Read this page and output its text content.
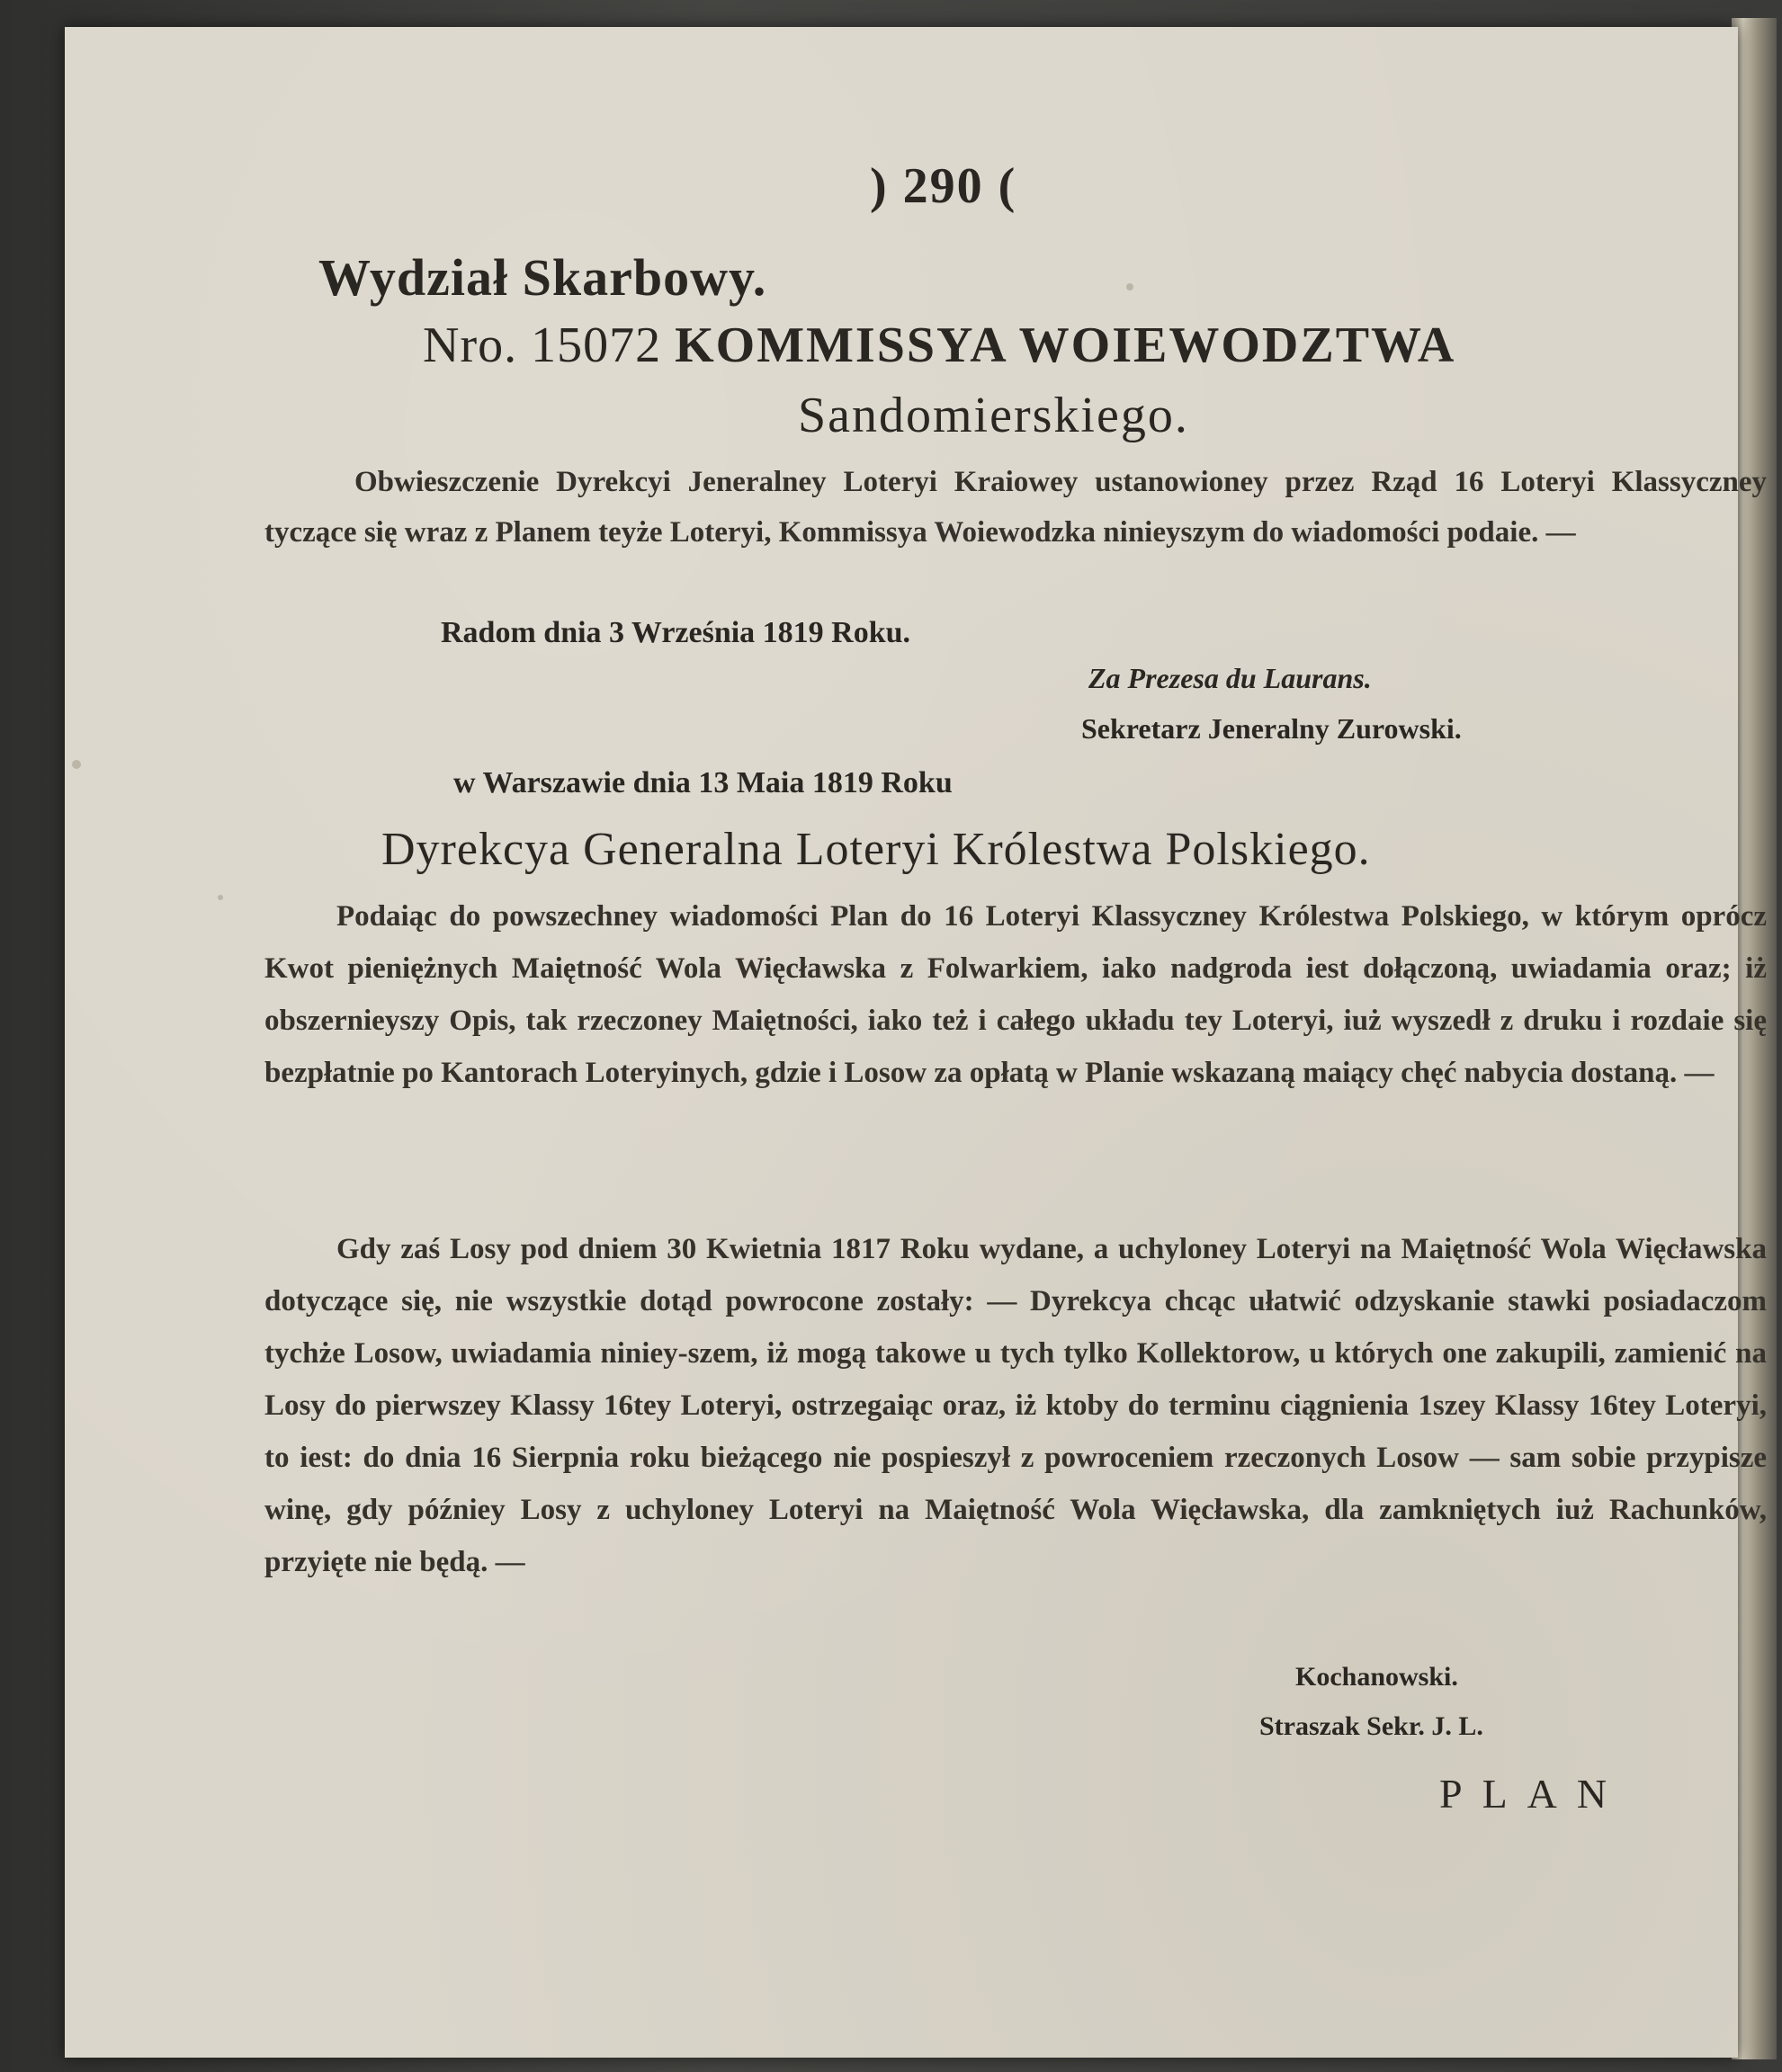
) 290 (
Wydział Skarbowy.
Nro. 15072 KOMMISSYA WOIEWODZTWA
Sandomierskiego.
Obwieszczenie Dyrekcyi Jeneralney Loteryi Kraiowey ustanowioney przez Rząd 16 Loteryi Klassyczney tyczące się wraz z Planem teyże Loteryi, Kommissya Woiewodzka ninieyszym do wiadomości podaie. —
Radom dnia 3 Września 1819 Roku.
Za Prezesa du Laurans.
Sekretarz Jeneralny Zurowski.
w Warszawie dnia 13 Maia 1819 Roku
Dyrekcya Generalna Loteryi Królestwa Polskiego.
Podaiąc do powszechney wiadomości Plan do 16 Loteryi Klassyczney Królestwa Polskiego, w którym oprócz Kwot pieniężnych Maiętność Wola Więcławska z Folwarkiem, iako nadgroda iest dołączoną, uwiadamia oraz; iż obszernieyszy Opis, tak rzeczoney Maiętności, iako też i całego układu tey Loteryi, iuż wyszedł z druku i rozdaie się bezpłatnie po Kantorach Loteryinych, gdzie i Losow za opłatą w Planie wskazaną maiący chęć nabycia dostaną. —
Gdy zaś Losy pod dniem 30 Kwietnia 1817 Roku wydane, a uchyloney Loteryi na Maiętność Wola Więcławska dotyczące się, nie wszystkie dotąd powrocone zostały: — Dyrekcya chcąc ułatwić odzyskanie stawki posiadaczom tychże Losow, uwiadamia niniey-szem, iż mogą takowe u tych tylko Kollektorow, u których one zakupili, zamienić na Losy do pierwszey Klassy 16tey Loteryi, ostrzegaiąc oraz, iż ktoby do terminu ciągnienia 1szey Klassy 16tey Loteryi, to iest: do dnia 16 Sierpnia roku bieżącego nie pospieszył z powroceniem rzeczonych Losow — sam sobie przypisze winę, gdy późniey Losy z uchyloney Loteryi na Maiętność Wola Więcławska, dla zamkniętych iuż Rachunków, przyięte nie będą. —
Kochanowski.
Straszak Sekr. J. L.
PLAN
